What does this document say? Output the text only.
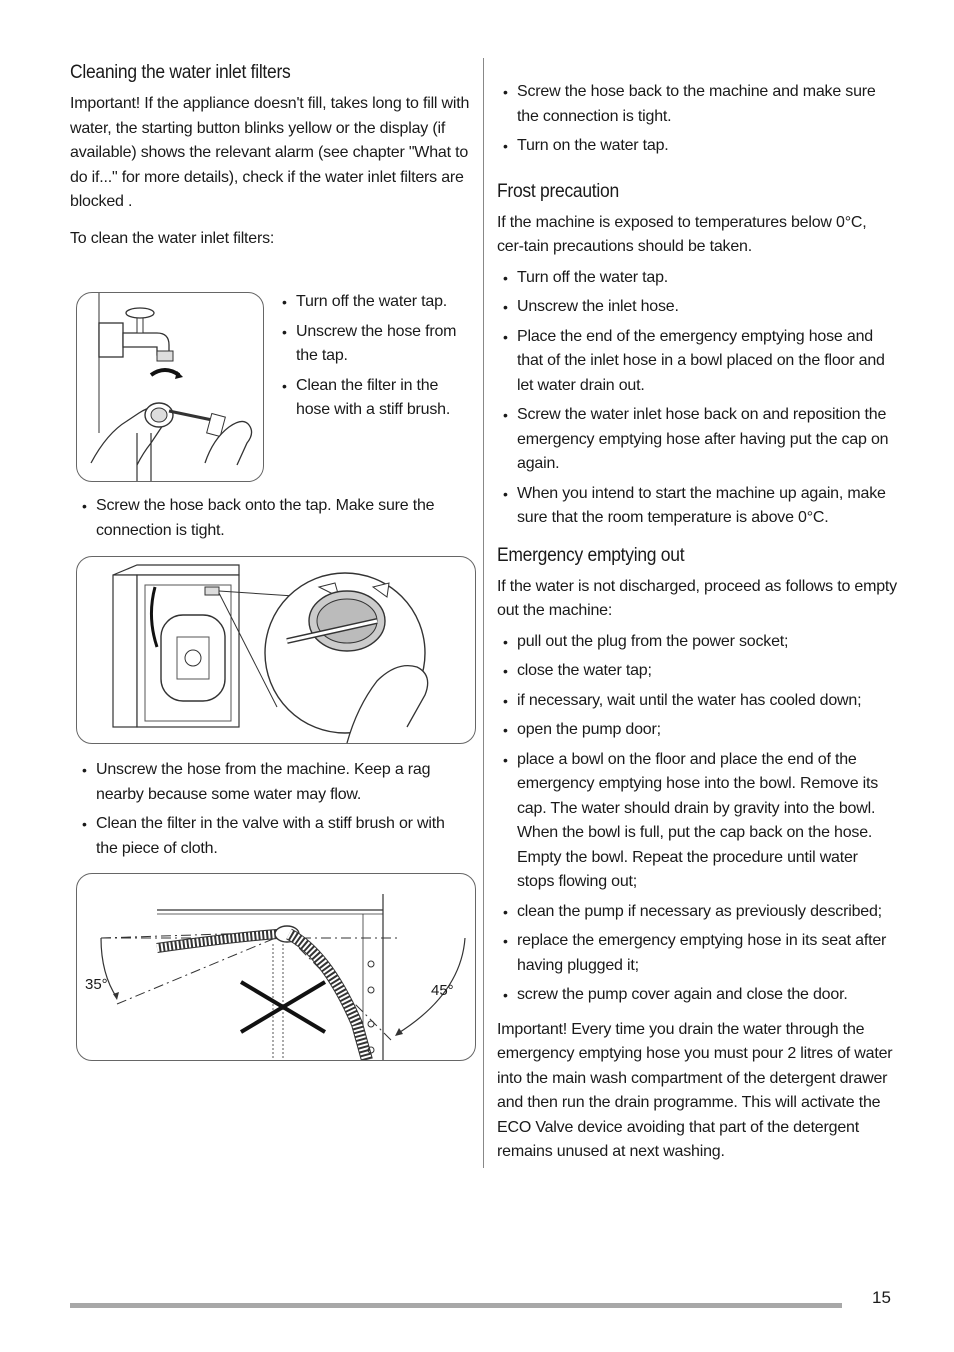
Cleaning the water inlet filters

Important! If the appliance doesn't fill, takes long to fill with water, the starting button blinks yellow or the display (if available) shows the relevant alarm (see chapter "What to do if..." for more details), check if the water inlet filters are blocked .

To clean the water inlet filters:

• Turn off the water tap.
• Unscrew the hose from the tap.
• Clean the filter in the hose with a stiff brush.
• Screw the hose back onto the tap. Make sure the connection is tight.
• Unscrew the hose from the machine. Keep a rag nearby because some water may flow.
• Clean the filter in the valve with a stiff brush or with the piece of cloth.
35°	45°
• Screw the hose back to the machine and make sure the connection is tight.
• Turn on the water tap.
Frost precaution

If the machine is exposed to temperatures below 0°C, cer-tain precautions should be taken.

• Turn off the water tap.
• Unscrew the inlet hose.
• Place the end of the emergency emptying hose and that of the inlet hose in a bowl placed on the floor and let water drain out.
• Screw the water inlet hose back on and reposition the emergency emptying hose after having put the cap on again.
• When you intend to start the machine up again, make sure that the room temperature is above 0°C.
Emergency emptying out

If the water is not discharged, proceed as follows to empty out the machine:

• pull out the plug from the power socket;
• close the water tap;
• if necessary, wait until the water has cooled down;
• open the pump door;
• place a bowl on the floor and place the end of the emergency emptying hose into the bowl. Remove its cap. The water should drain by gravity into the bowl. When the bowl is full, put the cap back on the hose. Empty the bowl. Repeat the procedure until water stops flowing out;
• clean the pump if necessary as previously described;
• replace the emergency emptying hose in its seat after having plugged it;
• screw the pump cover again and close the door.

Important! Every time you drain the water through the emergency emptying hose you must pour 2 litres of water into the main wash compartment of the detergent drawer and then run the drain programme. This will activate the ECO Valve device avoiding that part of the detergent remains unused at next washing.

15
